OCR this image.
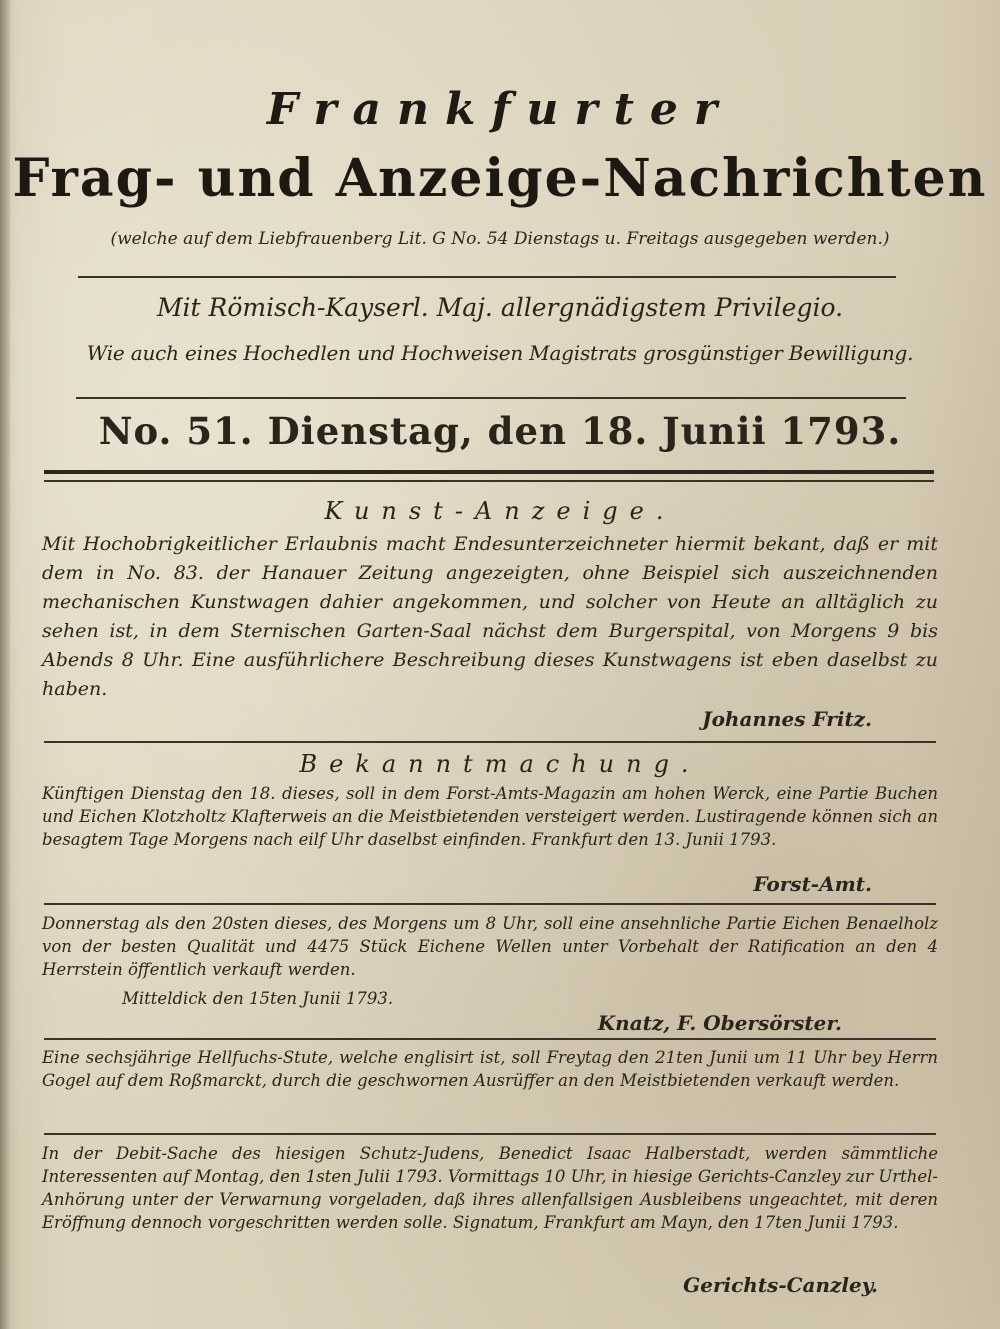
Frankfurter
Frag- und Anzeige-Nachrichten
(welche auf dem Liebfrauenberg Lit. G No. 54 Dienstags u. Freitags ausgegeben werden.)
Mit Römisch-Kayserl. Maj. allergnädigstem Privilegio.
Wie auch eines Hochedlen und Hochweisen Magistrats grosgünstiger Bewilligung.
No. 51. Dienstag, den 18. Junii 1793.
Kunst-Anzeige.
Mit Hochobrigkeitlicher Erlaubnis macht Endesunterzeichneter hiermit bekant, daß er mit dem in No. 83. der Hanauer Zeitung angezeigten, ohne Beispiel sich auszeichnenden mechanischen Kunstwagen dahier angekommen, und solcher von Heute an alltäglich zu sehen ist, in dem Sternischen Garten-Saal nächst dem Burgerspital, von Morgens 9 bis Abends 8 Uhr. Eine ausführlichere Beschreibung dieses Kunstwagens ist eben daselbst zu haben.
Johannes Fritz.
Bekanntmachung.
Künftigen Dienstag den 18. dieses, soll in dem Forst-Amts-Magazin am hohen Werck, eine Partie Buchen und Eichen Klotzholtz Klafterweis an die Meistbietenden versteigert werden. Lustiragende können sich an besagtem Tage Morgens nach eilf Uhr daselbst einfinden. Frankfurt den 13. Junii 1793.
Forst-Amt.
Donnerstag als den 20sten dieses, des Morgens um 8 Uhr, soll eine ansehnliche Partie Eichen Benaelholz von der besten Qualität und 4475 Stück Eichene Wellen unter Vorbehalt der Ratification an den 4 Herrstein öffentlich verkauft werden.
Mitteldick den 15ten Junii 1793.
Knatz, F. Obersörster.
Eine sechsjährige Hellfuchs-Stute, welche englisirt ist, soll Freytag den 21ten Junii um 11 Uhr bey Herrn Gogel auf dem Roßmarckt, durch die geschwornen Ausrüffer an den Meistbietenden verkauft werden.
In der Debit-Sache des hiesigen Schutz-Judens, Benedict Isaac Halberstadt, werden sämmtliche Interessenten auf Montag, den 1sten Julii 1793. Vormittags 10 Uhr, in hiesige Gerichts-Canzley zur Urthel-Anhörung unter der Verwarnung vorgeladen, daß ihres allenfallsigen Ausbleibens ungeachtet, mit deren Eröffnung dennoch vorgeschritten werden solle. Signatum, Frankfurt am Mayn, den 17ten Junii 1793.
Gerichts-Canzley.
